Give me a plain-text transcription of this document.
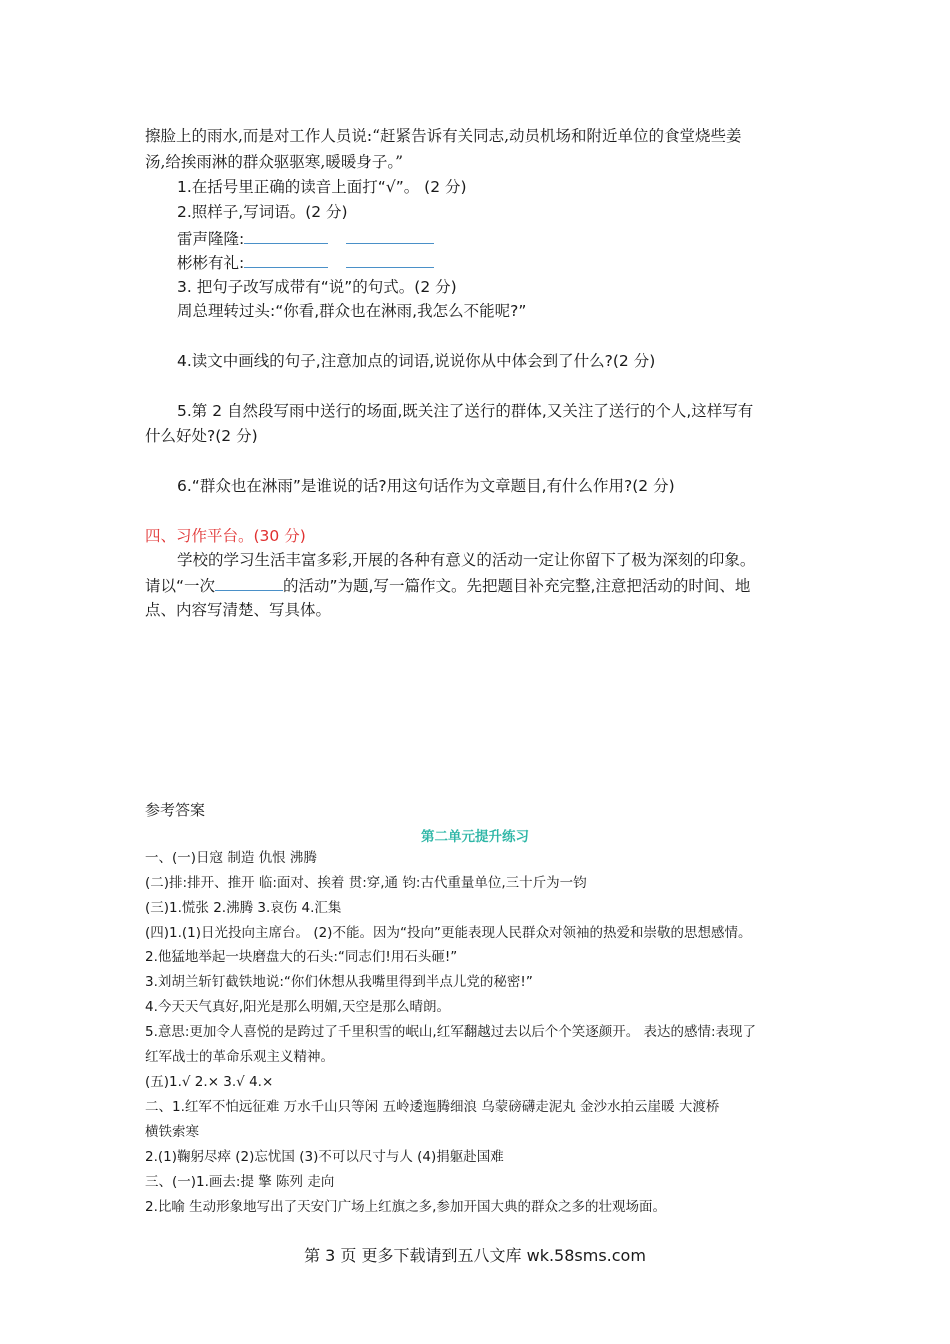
擦脸上的雨水,而是对工作人员说:“赶紧告诉有关同志,动员机场和附近单位的食堂烧些姜
汤,给挨雨淋的群众驱驱寒,暖暖身子。”
1.在括号里正确的读音上面打“√”。 (2 分)
2.照样子,写词语。(2 分)
雷声隆隆:
彬彬有礼:
3. 把句子改写成带有“说”的句式。(2 分)
周总理转过头:“你看,群众也在淋雨,我怎么不能呢?”
4.读文中画线的句子,注意加点的词语,说说你从中体会到了什么?(2 分)
5.第 2 自然段写雨中送行的场面,既关注了送行的群体,又关注了送行的个人,这样写有
什么好处?(2 分)
6.“群众也在淋雨”是谁说的话?用这句话作为文章题目,有什么作用?(2 分)
四、习作平台。(30 分)
学校的学习生活丰富多彩,开展的各种有意义的活动一定让你留下了极为深刻的印象。
请以“一次	的活动”为题,写一篇作文。先把题目补充完整,注意把活动的时间、地
点、内容写清楚、写具体。
参考答案
第二单元提升练习
一、(一)日寇 制造 仇恨 沸腾
(二)排:排开、推开 临:面对、挨着 贯:穿,通 钧:古代重量单位,三十斤为一钧
(三)1.慌张 2.沸腾 3.哀伤 4.汇集
(四)1.(1)日光投向主席台。 (2)不能。因为“投向”更能表现人民群众对领袖的热爱和崇敬的思想感情。
2.他猛地举起一块磨盘大的石头:“同志们!用石头砸!”
3.刘胡兰斩钉截铁地说:“你们休想从我嘴里得到半点儿党的秘密!”
4.今天天气真好,阳光是那么明媚,天空是那么晴朗。
5.意思:更加令人喜悦的是跨过了千里积雪的岷山,红军翻越过去以后个个笑逐颜开。 表达的感情:表现了
红军战士的革命乐观主义精神。
(五)1.√ 2.× 3.√ 4.×
二、1.红军不怕远征难 万水千山只等闲 五岭逶迤腾细浪 乌蒙磅礴走泥丸 金沙水拍云崖暖 大渡桥
横铁索寒
2.(1)鞠躬尽瘁 (2)忘忧国 (3)不可以尺寸与人 (4)捐躯赴国难
三、(一)1.画去:提 擎 陈列 走向
2.比喻 生动形象地写出了天安门广场上红旗之多,参加开国大典的群众之多的壮观场面。
第 3 页 更多下载请到五八文库 wk.58sms.com
